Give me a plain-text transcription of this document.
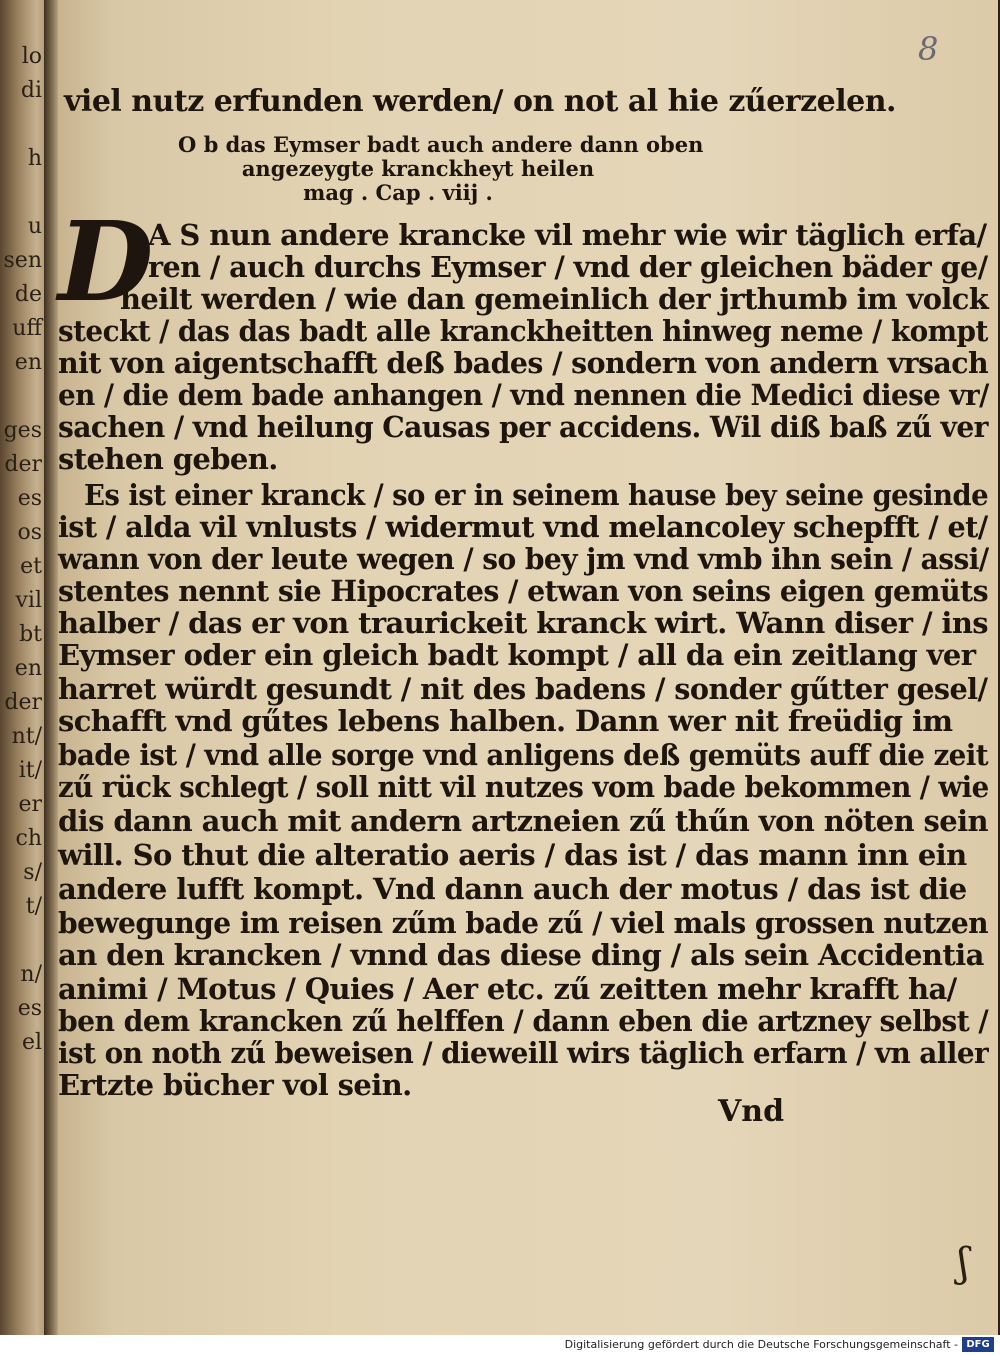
lo
di

h

u
sen
de
uff
en

ges
der
es
os
et
vil
bt
en
der
nt/
it/
er
ch
s/
t/

n/
es
el
8
viel nutz erfunden werden/ on not al hie zűerzelen.
O b das Eymser badt auch andere dann oben
angezeygte kranckheyt heilen
mag . Cap . viij .
D
A S nun andere krancke vil mehr wie wir täglich erfa/
ren / auch durchs Eymser / vnd der gleichen bäder ge/
heilt werden / wie dan gemeinlich der jrthumb im volck
steckt / das das badt alle kranckheitten hinweg neme / kompt
nit von aigentschafft deß bades / sondern von andern vrsach
en / die dem bade anhangen / vnd nennen die Medici diese vr/
sachen / vnd heilung Causas per accidens. Wil diß baß zű ver
stehen geben.
Es ist einer kranck / so er in seinem hause bey seine gesinde
ist / alda vil vnlusts / widermut vnd melancoley schepfft / et/
wann von der leute wegen / so bey jm vnd vmb ihn sein / assi/
stentes nennt sie Hipocrates / etwan von seins eigen gemüts
halber / das er von traurickeit kranck wirt. Wann diser / ins
Eymser oder ein gleich badt kompt / all da ein zeitlang ver
harret würdt gesundt / nit des badens / sonder gűtter gesel/
schafft vnd gűtes lebens halben. Dann wer nit freüdig im
bade ist / vnd alle sorge vnd anligens deß gemüts auff die zeit
zű rück schlegt / soll nitt vil nutzes vom bade bekommen / wie
dis dann auch mit andern artzneien zű thűn von nöten sein
will. So thut die alteratio aeris / das ist / das mann inn ein
andere lufft kompt. Vnd dann auch der motus / das ist die
bewegunge im reisen zűm bade zű / viel mals grossen nutzen
an den krancken / vnnd das diese ding / als sein Accidentia
animi / Motus / Quies / Aer etc. zű zeitten mehr krafft ha/
ben dem krancken zű helffen / dann eben die artzney selbst /
ist on noth zű beweisen / dieweill wirs täglich erfarn / vn aller
Ertzte bücher vol sein.
Vnd
ʃ
Digitalisierung gefördert durch die Deutsche Forschungsgemeinschaft - DFG
